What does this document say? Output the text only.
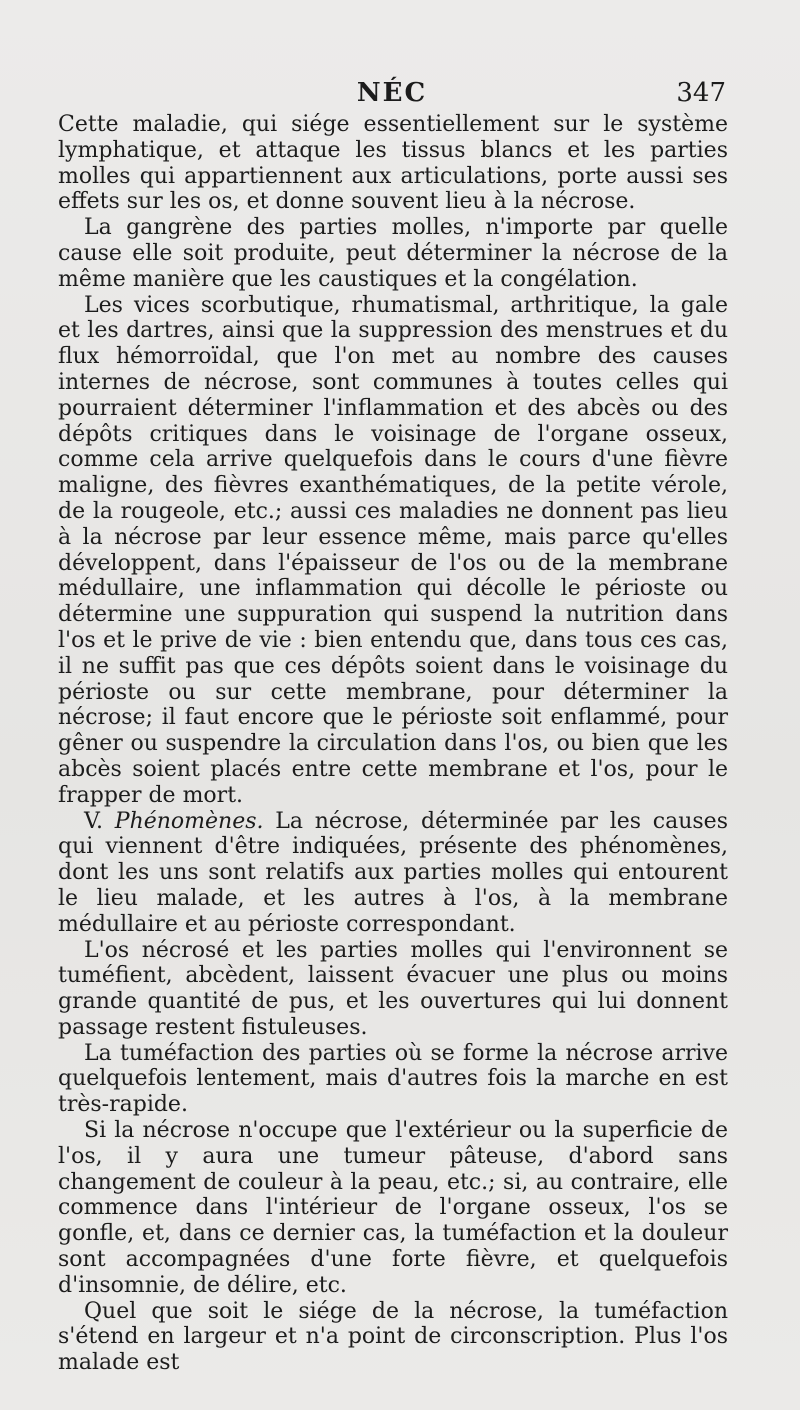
NÉC	347

Cette maladie, qui siége essentiellement sur le système lymphatique, et attaque les tissus blancs et les parties molles qui appartiennent aux articulations, porte aussi ses effets sur les os, et donne souvent lieu à la nécrose.

La gangrène des parties molles, n'importe par quelle cause elle soit produite, peut déterminer la nécrose de la même manière que les caustiques et la congélation.

Les vices scorbutique, rhumatismal, arthritique, la gale et les dartres, ainsi que la suppression des menstrues et du flux hémorroïdal, que l'on met au nombre des causes internes de nécrose, sont communes à toutes celles qui pourraient déterminer l'inflammation et des abcès ou des dépôts critiques dans le voisinage de l'organe osseux, comme cela arrive quelquefois dans le cours d'une fièvre maligne, des fièvres exanthématiques, de la petite vérole, de la rougeole, etc.; aussi ces maladies ne donnent pas lieu à la nécrose par leur essence même, mais parce qu'elles développent, dans l'épaisseur de l'os ou de la membrane médullaire, une inflammation qui décolle le périoste ou détermine une suppuration qui suspend la nutrition dans l'os et le prive de vie : bien entendu que, dans tous ces cas, il ne suffit pas que ces dépôts soient dans le voisinage du périoste ou sur cette membrane, pour déterminer la nécrose; il faut encore que le périoste soit enflammé, pour gêner ou suspendre la circulation dans l'os, ou bien que les abcès soient placés entre cette membrane et l'os, pour le frapper de mort.

V. Phénomènes. La nécrose, déterminée par les causes qui viennent d'être indiquées, présente des phénomènes, dont les uns sont relatifs aux parties molles qui entourent le lieu malade, et les autres à l'os, à la membrane médullaire et au périoste correspondant.

L'os nécrosé et les parties molles qui l'environnent se tuméfient, abcèdent, laissent évacuer une plus ou moins grande quantité de pus, et les ouvertures qui lui donnent passage restent fistuleuses.

La tuméfaction des parties où se forme la nécrose arrive quelquefois lentement, mais d'autres fois la marche en est très-rapide.

Si la nécrose n'occupe que l'extérieur ou la superficie de l'os, il y aura une tumeur pâteuse, d'abord sans changement de couleur à la peau, etc.; si, au contraire, elle commence dans l'intérieur de l'organe osseux, l'os se gonfle, et, dans ce dernier cas, la tuméfaction et la douleur sont accompagnées d'une forte fièvre, et quelquefois d'insomnie, de délire, etc.

Quel que soit le siége de la nécrose, la tuméfaction s'étend en largeur et n'a point de circonscription. Plus l'os malade est
